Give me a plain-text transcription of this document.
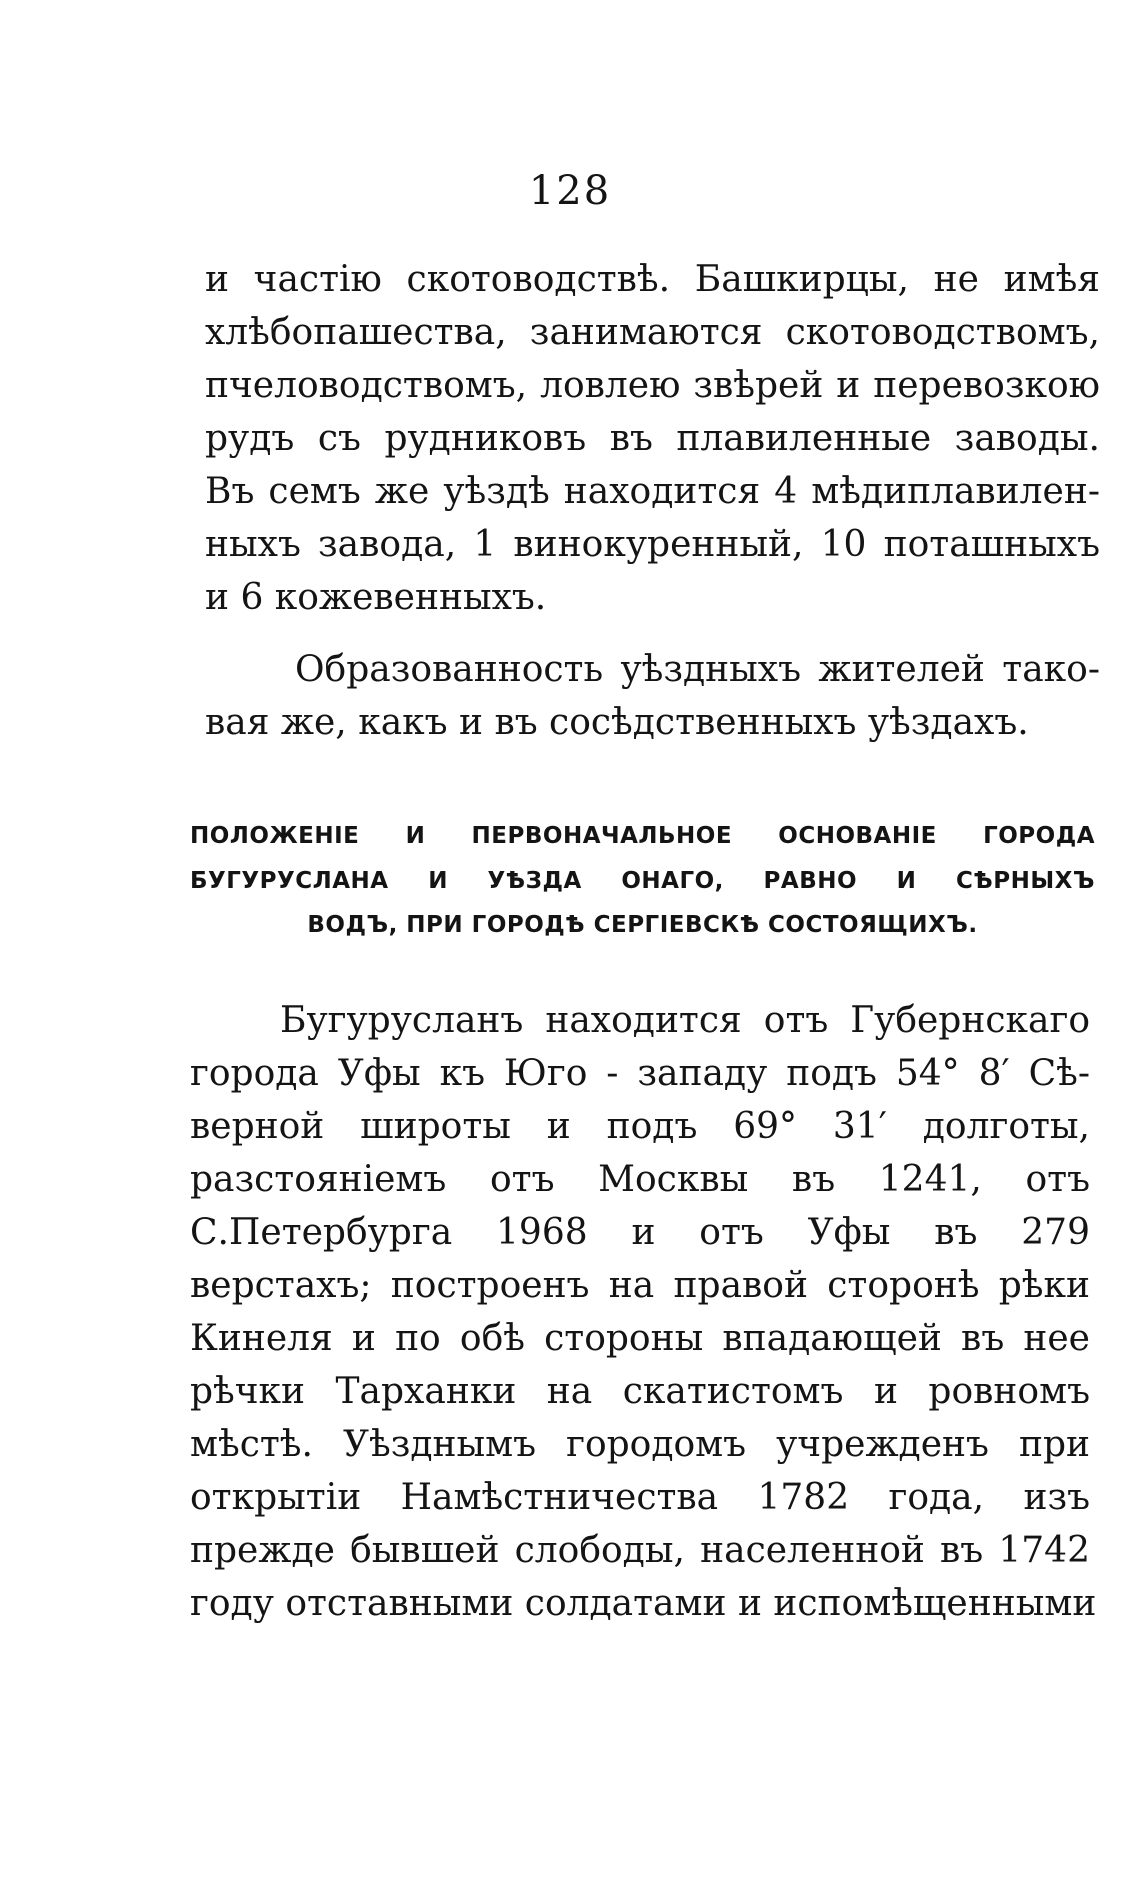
128
и частію скотоводствѣ. Башкирцы, не имѣя
хлѣбопашества, занимаются скотоводствомъ,
пчеловодствомъ, ловлею звѣрей и перевозкою
рудъ съ рудниковъ въ плавиленные заводы.
Въ семъ же уѣздѣ находится 4 мѣдиплавилен-
ныхъ завода, 1 винокуренный, 10 поташныхъ
и 6 кожевенныхъ.
Образованность уѣздныхъ жителей тако-
вая же, какъ и въ сосѣдственныхъ уѣздахъ.
ПОЛОЖЕНІЕ И ПЕРВОНАЧАЛЬНОЕ ОСНОВАНІЕ ГОРОДА
БУГУРУСЛАНА И УѢЗДА ОНАГО, РАВНО И СѢРНЫХЪ
ВОДЪ, ПРИ ГОРОДѢ СЕРГІЕВСКѢ СОСТОЯЩИХЪ.
Бугурусланъ находится отъ Губернскаго
города Уфы къ Юго - западу подъ 54° 8′ Сѣ-
верной широты и подъ 69° 31′ долготы,
разстояніемъ отъ Москвы въ 1241, отъ
С.Петербурга 1968 и отъ Уфы въ 279
верстахъ; построенъ на правой сторонѣ рѣки
Кинеля и по обѣ стороны впадающей въ нее
рѣчки Тарханки на скатистомъ и ровномъ
мѣстѣ. Уѣзднымъ городомъ учрежденъ при
открытіи Намѣстничества 1782 года, изъ
прежде бывшей слободы, населенной въ 1742
году отставными солдатами и испомѣщенными
